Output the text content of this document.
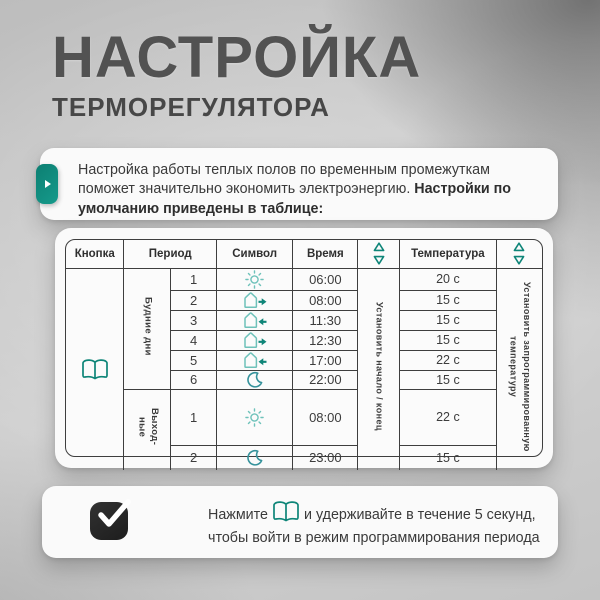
НАСТРОЙКА
ТЕРМОРЕГУЛЯТОРА

Настройка работы теплых полов по временным промежуткам поможет значительно экономить электроэнергию. Настройки по умолчанию приведены в таблице:

Кнопка	Период		Символ	Время		Температура	

	Будние дни	1		06:00	Установить начало / конец	20 c	Установить запрограммированную температуру
		2		08:00		15 c	
		3		11:30		15 c	
		4		12:30		15 c	
		5		17:00		22 c	
		6		22:00		15 c	
	Выход-ные	1		08:00		22 c	
		2		23:00		15 c	

Нажмите	и удерживайте в течение 5 секунд, чтобы войти в режим программирования периода
